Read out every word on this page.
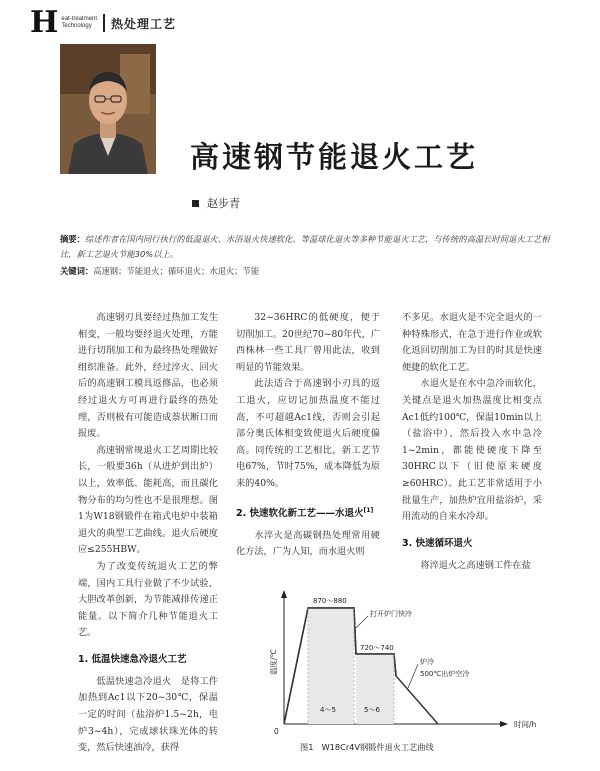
H eat-treatment
Technology	热处理工艺
高速钢节能退火工艺
赵步青
摘要：综述作者在国内同行执行的低温退火、水浴退火快速软化、等温球化退火等多种节能退火工艺，与传统的高温长时间退火工艺相比，新工艺退火节能30%以上。
关键词：高速钢；节能退火；循环退火；水退火；节能

高速钢刃具要经过热加工发生相变，一般均要经退火处理，方能进行切削加工和为最终热处理做好组织准备。此外，经过淬火、回火后的高速钢工模具返修品，也必须经过退火方可再进行最终的热处理，否则极有可能造成萘状断口而报废。

高速钢常规退火工艺周期比较长，一般要36h（从进炉到出炉）以上，效率低、能耗高，而且碳化物分布的均匀性也不是很理想。图1为W18钢锻件在箱式电炉中装箱退火的典型工艺曲线。退火后硬度应≤255HBW。

为了改变传统退火工艺的弊端，国内工具行业做了不少试验，大胆改革创新，为节能减排传递正能量。以下简介几种节能退火工艺。

1. 低温快速急冷退火工艺

低温快速急冷退火　是将工件加热到Ac1以下20~30℃，保温一定的时间（盐浴炉1.5~2h，电炉3~4h），完成球状珠光体的转变，然后快速油冷，获得

32~36HRC的低硬度，便于切削加工。20世纪70~80年代，广西株林一些工具厂曾用此法，收到明显的节能效果。

此法适合于高速钢小刃具的返工退火，应切记加热温度不能过高，不可超越Ac1线，否则会引起部分奥氏体相变致使退火后硬度偏高。同传统的工艺相比，新工艺节电67%，节时75%，成本降低为原来的40%。

2. 快速软化新工艺——水退火[1]

水淬火是高碳钢热处理常用硬化方法，广为人知，而水退火则

不多见。水退火是不完全退火的一种特殊形式，在急于进行作业或软化返回切削加工为目的时其是快速便捷的软化工艺。

水退火是在水中急冷而软化，关键点是退火加热温度比相变点Ac1低约100℃，保温10min以上（盐浴中），然后投入水中急冷1~2min，都能使硬度下降至30HRC以下（旧使原来硬度≥60HRC）。此工艺非常适用于小批量生产，加热炉宜用盐浴炉，采用流动的自来水冷却。

3. 快速循环退火

将淬退火之高速钢工件在盐

温度/℃
0
时间/h
870～880
720～740
4～5	5～6
打开炉门快冷
炉冷
500℃出炉空冷
图1　W18Cr4V钢锻件退火工艺曲线
